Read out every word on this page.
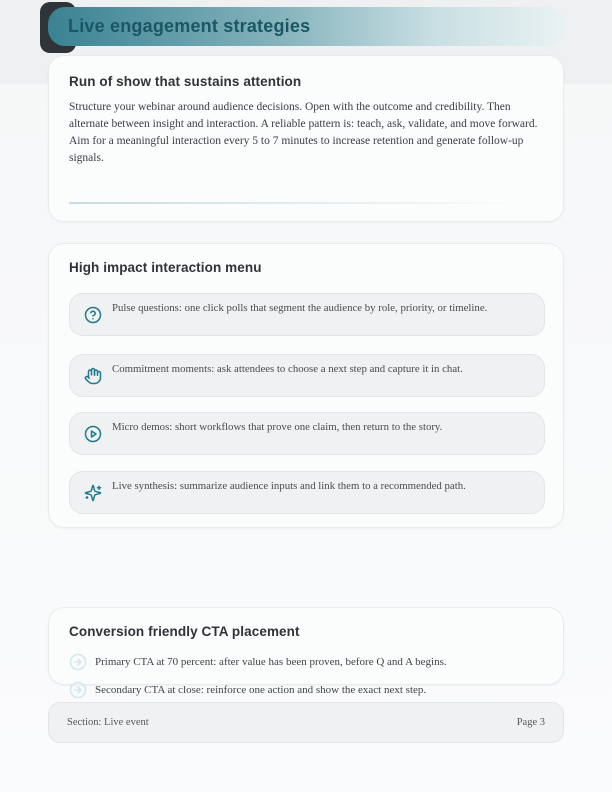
Live engagement strategies
Run of show that sustains attention

Structure your webinar around audience decisions. Open with the outcome and credibility. Then alternate between insight and interaction. A reliable pattern is: teach, ask, validate, and move forward. Aim for a meaningful interaction every 5 to 7 minutes to increase retention and generate follow-up signals.

High impact interaction menu
Pulse questions: one click polls that segment the audience by role, priority, or timeline.
Commitment moments: ask attendees to choose a next step and capture it in chat.
Micro demos: short workflows that prove one claim, then return to the story.
Live synthesis: summarize audience inputs and link them to a recommended path.
Conversion friendly CTA placement
Primary CTA at 70 percent: after value has been proven, before Q and A begins.
Secondary CTA at close: reinforce one action and show the exact next step.
Section: Live event	Page 3
